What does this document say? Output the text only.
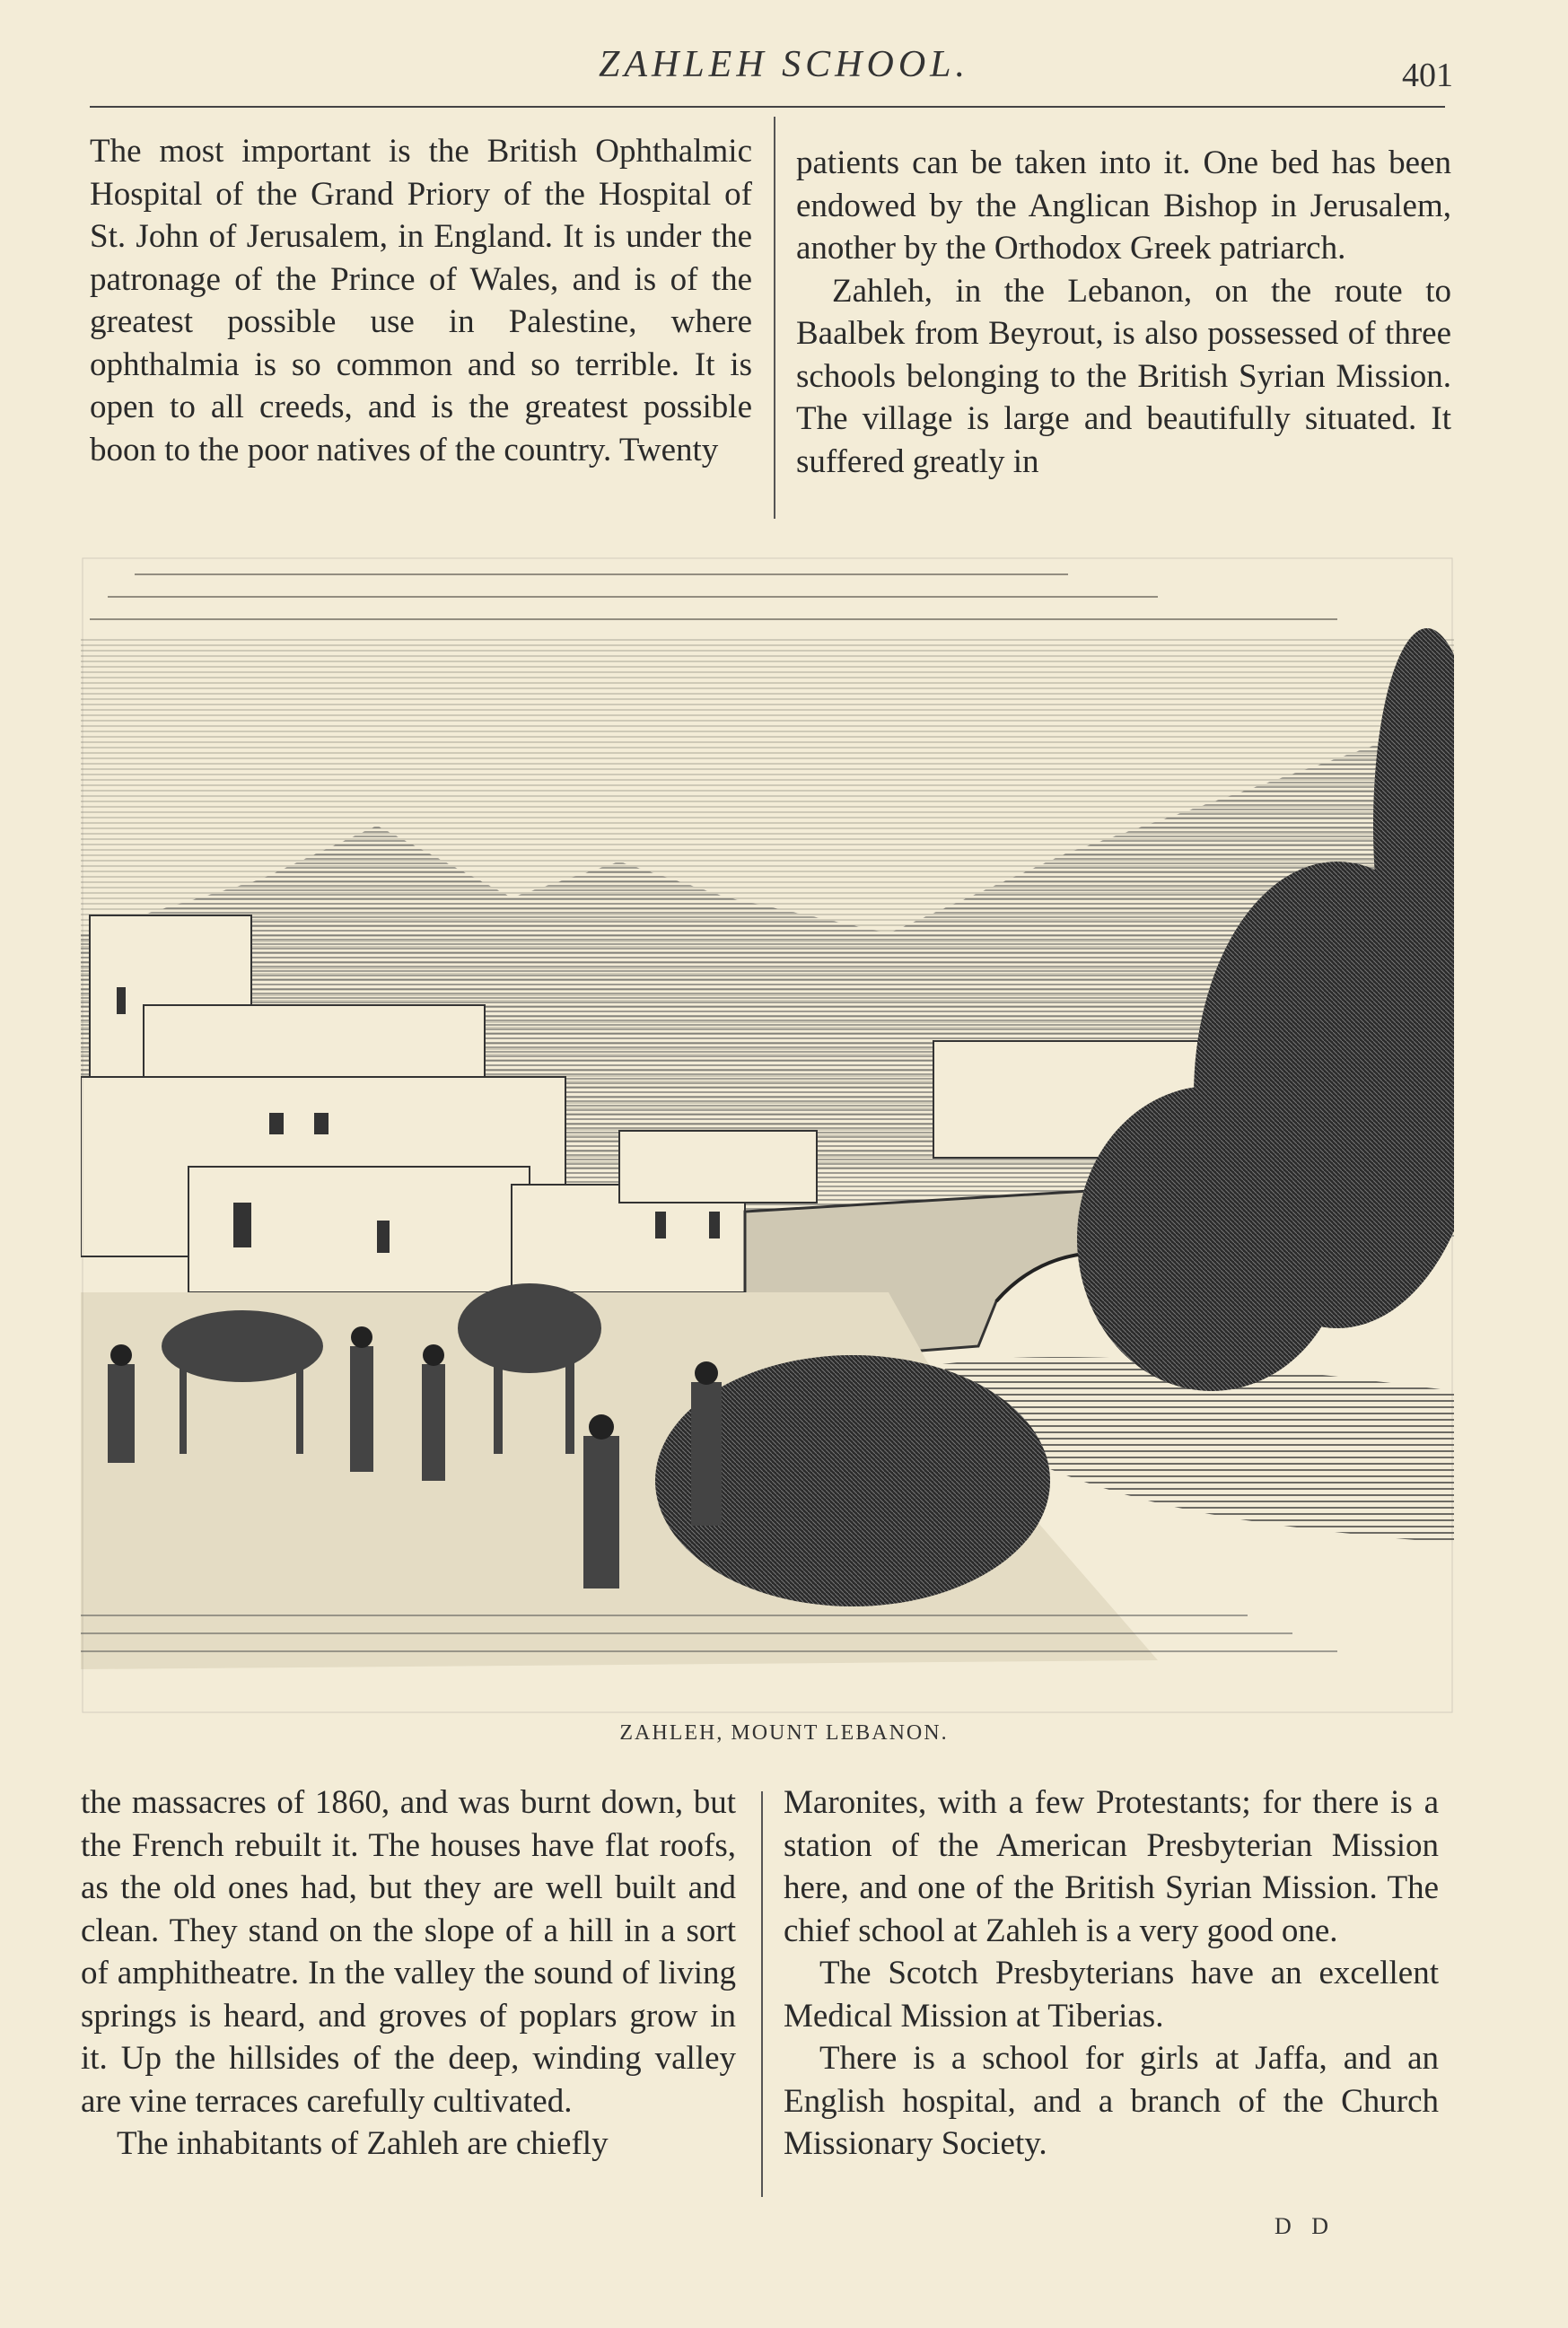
ZAHLEH SCHOOL.	401

The most important is the British Ophthalmic Hospital of the Grand Priory of the Hospital of St. John of Jerusalem, in England. It is under the patronage of the Prince of Wales, and is of the greatest possible use in Palestine, where ophthalmia is so common and so terrible. It is open to all creeds, and is the greatest possible boon to the poor natives of the country. Twenty

patients can be taken into it. One bed has been endowed by the Anglican Bishop in Jerusalem, another by the Orthodox Greek patriarch.

Zahleh, in the Lebanon, on the route to Baalbek from Beyrout, is also possessed of three schools belonging to the British Syrian Mission. The village is large and beautifully situated. It suffered greatly in

ZAHLEH, MOUNT LEBANON.

the massacres of 1860, and was burnt down, but the French rebuilt it. The houses have flat roofs, as the old ones had, but they are well built and clean. They stand on the slope of a hill in a sort of amphitheatre. In the valley the sound of living springs is heard, and groves of poplars grow in it. Up the hillsides of the deep, winding valley are vine terraces carefully cultivated.

The inhabitants of Zahleh are chiefly

Maronites, with a few Protestants; for there is a station of the American Presbyterian Mission here, and one of the British Syrian Mission. The chief school at Zahleh is a very good one.

The Scotch Presbyterians have an excellent Medical Mission at Tiberias.

There is a school for girls at Jaffa, and an English hospital, and a branch of the Church Missionary Society.

D D
